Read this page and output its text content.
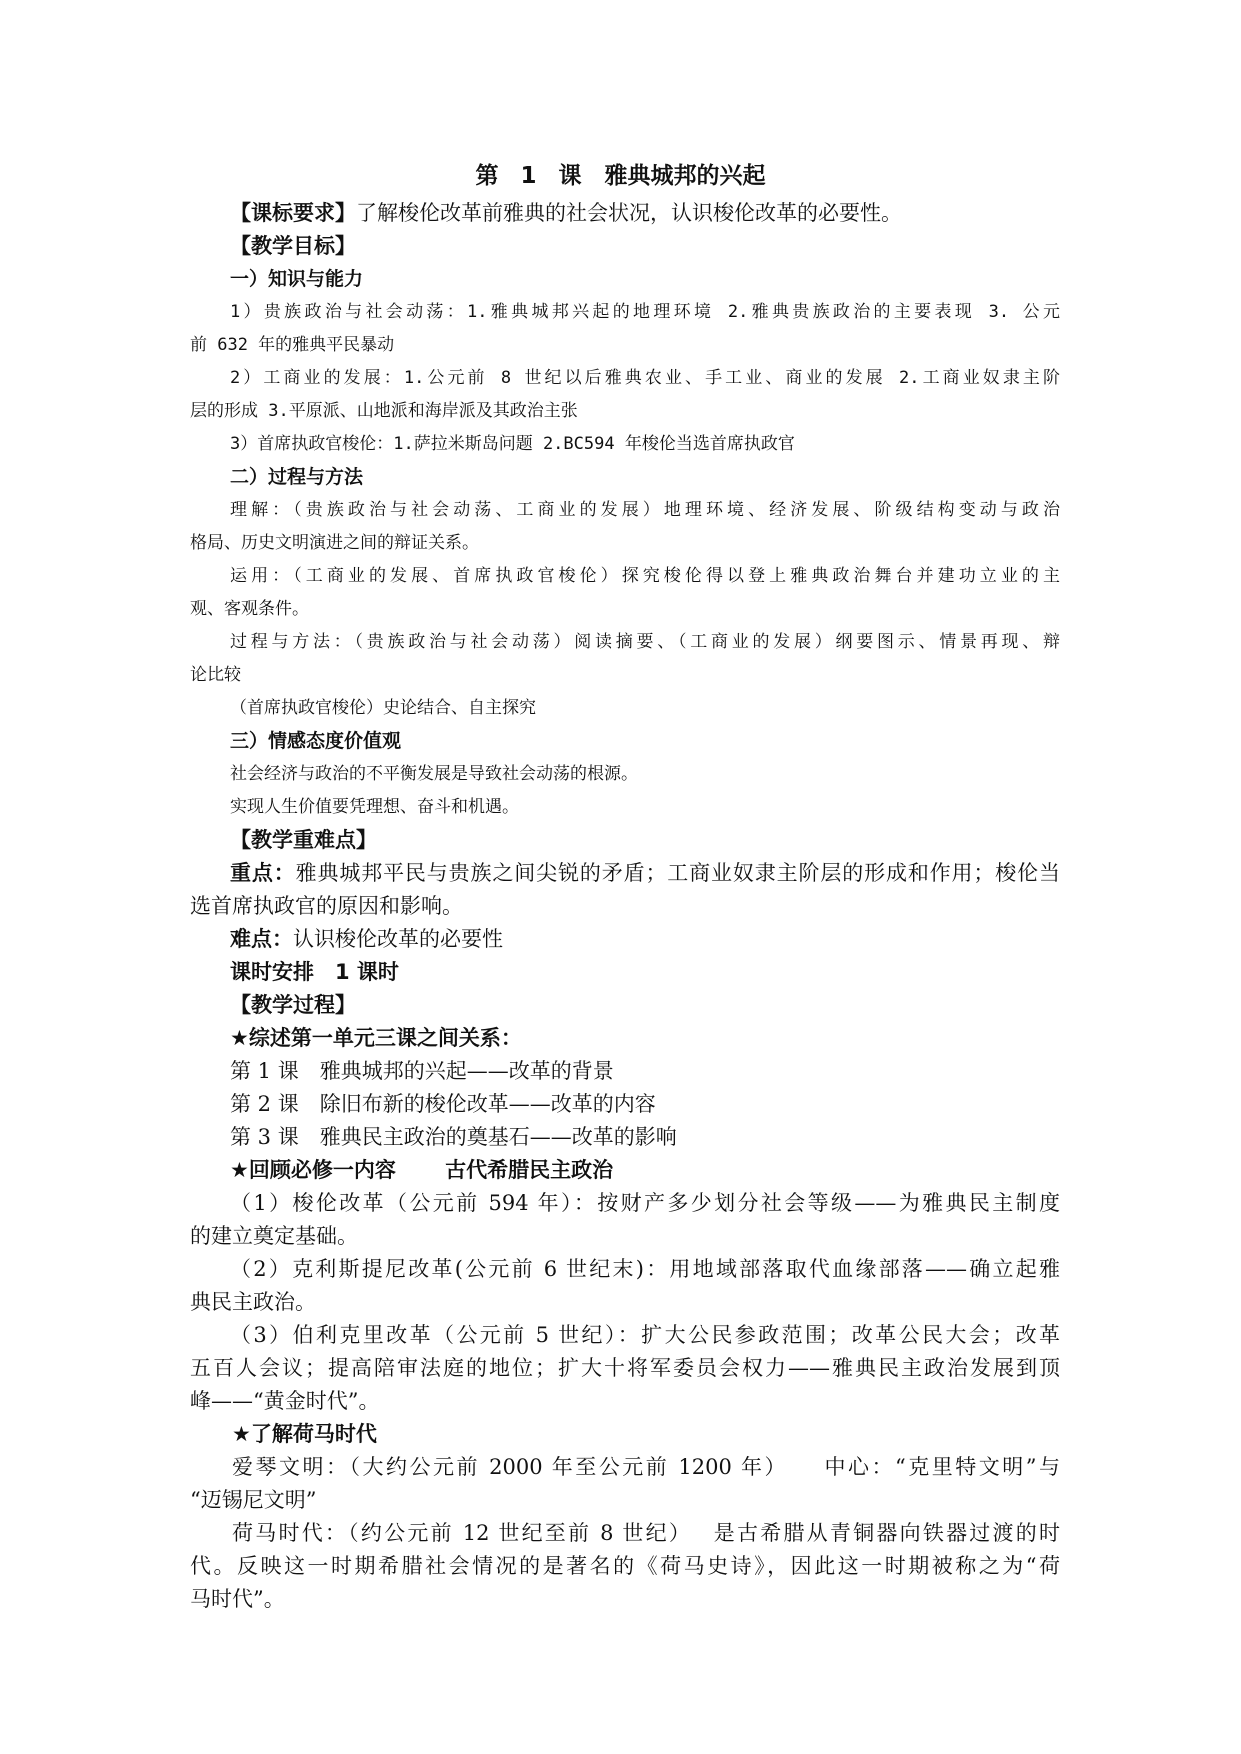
第 1 课　雅典城邦的兴起
【课标要求】了解梭伦改革前雅典的社会状况，认识梭伦改革的必要性。
【教学目标】
一）知识与能力
1）贵族政治与社会动荡：1.雅典城邦兴起的地理环境 2.雅典贵族政治的主要表现 3. 公元
前 632 年的雅典平民暴动
2）工商业的发展：1.公元前 8 世纪以后雅典农业、手工业、商业的发展 2.工商业奴隶主阶
层的形成 3.平原派、山地派和海岸派及其政治主张
3）首席执政官梭伦：1.萨拉米斯岛问题 2.BC594 年梭伦当选首席执政官
二）过程与方法
理解：（贵族政治与社会动荡、工商业的发展）地理环境、经济发展、阶级结构变动与政治
格局、历史文明演进之间的辩证关系。
运用：（工商业的发展、首席执政官梭伦）探究梭伦得以登上雅典政治舞台并建功立业的主
观、客观条件。
过程与方法：（贵族政治与社会动荡）阅读摘要、（工商业的发展）纲要图示、情景再现、辩
论比较
（首席执政官梭伦）史论结合、自主探究
三）情感态度价值观
社会经济与政治的不平衡发展是导致社会动荡的根源。
实现人生价值要凭理想、奋斗和机遇。
【教学重难点】
重点：雅典城邦平民与贵族之间尖锐的矛盾；工商业奴隶主阶层的形成和作用；梭伦当
选首席执政官的原因和影响。
难点：认识梭伦改革的必要性
课时安排　1 课时
【教学过程】
★综述第一单元三课之间关系：
第 1 课　雅典城邦的兴起——改革的背景
第 2 课　除旧布新的梭伦改革——改革的内容
第 3 课　雅典民主政治的奠基石——改革的影响
★回顾必修一内容　　 古代希腊民主政治
（1）梭伦改革（公元前 594 年）：按财产多少划分社会等级——为雅典民主制度
的建立奠定基础。
（2）克利斯提尼改革(公元前 6 世纪末)：用地域部落取代血缘部落——确立起雅
典民主政治。
（3）伯利克里改革（公元前 5 世纪）：扩大公民参政范围；改革公民大会；改革
五百人会议；提高陪审法庭的地位；扩大十将军委员会权力——雅典民主政治发展到顶
峰——“黄金时代”。
★了解荷马时代
爱琴文明：（大约公元前 2000 年至公元前 1200 年）　　中心：“克里特文明”与
“迈锡尼文明”
荷马时代：（约公元前 12 世纪至前 8 世纪）　 是古希腊从青铜器向铁器过渡的时
代。反映这一时期希腊社会情况的是著名的《荷马史诗》，因此这一时期被称之为“荷
马时代”。
